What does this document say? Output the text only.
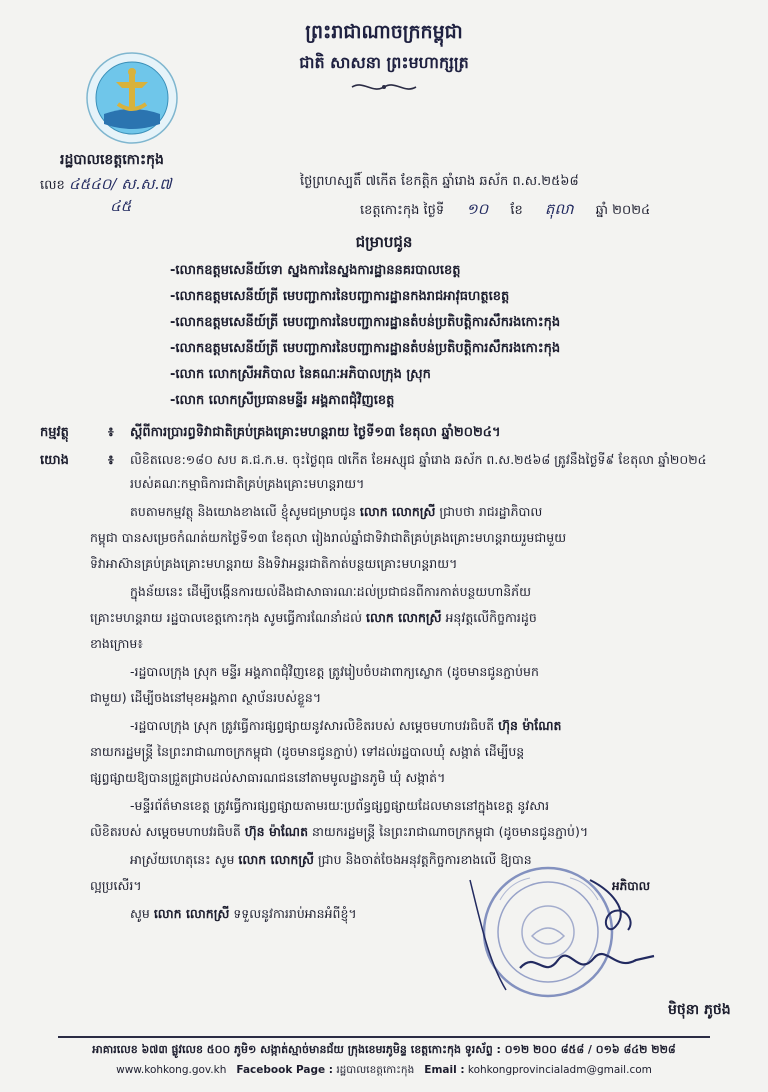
ព្រះរាជាណាចក្រកម្ពុជា

ជាតិ សាសនា ព្រះមហាក្សត្រ

រដ្ឋបាលខេត្តកោះកុង

លេខ ៤៥៤០/ ស.ស.៧
៤៥

ថ្ងៃព្រហស្បតិ៍ ៧កើត ខែកត្តិក ឆ្នាំរោង ឆស័ក ព.ស.២៥៦៨

ខេត្តកោះកុង ថ្ងៃទី ១០ ខែ តុលា ឆ្នាំ ២០២៤

ជម្រាបជូន

-លោកឧត្តមសេនីយ៍ទោ ស្នងការនៃស្នងការដ្ឋាននគរបាលខេត្ត

-លោកឧត្តមសេនីយ៍ត្រី មេបញ្ជាការនៃបញ្ជាការដ្ឋានកងរាជអាវុធហត្ថខេត្ត

-លោកឧត្តមសេនីយ៍ត្រី មេបញ្ជាការនៃបញ្ជាការដ្ឋានតំបន់ប្រតិបត្តិការសឹករងកោះកុង

-លោកឧត្តមសេនីយ៍ត្រី មេបញ្ជាការនៃបញ្ជាការដ្ឋានតំបន់ប្រតិបត្តិការសឹករងកោះកុង

-លោក លោកស្រីអភិបាល នៃគណៈអភិបាលក្រុង ស្រុក

-លោក លោកស្រីប្រធានមន្ទីរ អង្គភាពជុំវិញខេត្ត

កម្មវត្ថុ	៖ ស្តីពីការប្រារព្ធទិវាជាតិគ្រប់គ្រងគ្រោះមហន្តរាយ ថ្ងៃទី១៣ ខែតុលា ឆ្នាំ២០២៤។

យោង	៖ លិខិតលេខ:១៨០ សប គ.ជ.ក.ម. ចុះថ្ងៃពុធ ៧កើត ខែអស្សុជ ឆ្នាំរោង ឆស័ក ព.ស.២៥៦៨ ត្រូវនឹងថ្ងៃទី៩ ខែតុលា ឆ្នាំ២០២៤ របស់គណៈកម្មាធិការជាតិគ្រប់គ្រងគ្រោះមហន្តរាយ។

តបតាមកម្មវត្ថុ និងយោងខាងលើ ខ្ញុំសូមជម្រាបជូន លោក លោកស្រី ជ្រាបថា រាជរដ្ឋាភិបាល

កម្ពុជា បានសម្រេចកំណត់យកថ្ងៃទី១៣ ខែតុលា រៀងរាល់ឆ្នាំជាទិវាជាតិគ្រប់គ្រងគ្រោះមហន្តរាយរួមជាមួយ

ទិវាអាស៊ានគ្រប់គ្រងគ្រោះមហន្តរាយ និងទិវាអន្តរជាតិកាត់បន្ថយគ្រោះមហន្តរាយ។

ក្នុងន័យនេះ ដើម្បីបង្កើនការយល់ដឹងជាសាធារណៈដល់ប្រជាជនពីការកាត់បន្ថយហានិភ័យ

គ្រោះមហន្តរាយ រដ្ឋបាលខេត្តកោះកុង សូមធ្វើការណែនាំដល់ លោក លោកស្រី អនុវត្តលើកិច្ចការដូច

ខាងក្រោម៖

-រដ្ឋបាលក្រុង ស្រុក មន្ទីរ អង្គភាពជុំវិញខេត្ត ត្រូវរៀបចំបដាពាក្យស្លោក (ដូចមានជូនភ្ជាប់មក

ជាមួយ) ដើម្បីចងនៅមុខអង្គភាព ស្ថាប័នរបស់ខ្លួន។

-រដ្ឋបាលក្រុង ស្រុក ត្រូវធ្វើការផ្សព្វផ្សាយនូវសារលិខិតរបស់ សម្តេចមហាបវរធិបតី ហ៊ុន ម៉ាណែត

នាយករដ្ឋមន្ត្រី នៃព្រះរាជាណាចក្រកម្ពុជា (ដូចមានជូនភ្ជាប់) ទៅដល់រដ្ឋបាលឃុំ សង្កាត់ ដើម្បីបន្ត

ផ្សព្វផ្សាយឱ្យបានជ្រួតជ្រាបដល់សាធារណជននៅតាមមូលដ្ឋានភូមិ ឃុំ សង្កាត់។

-មន្ទីរព័ត៌មានខេត្ត ត្រូវធ្វើការផ្សព្វផ្សាយតាមរយៈប្រព័ន្ធផ្សព្វផ្សាយដែលមាននៅក្នុងខេត្ត នូវសារ

លិខិតរបស់ សម្តេចមហាបវរធិបតី ហ៊ុន ម៉ាណែត នាយករដ្ឋមន្ត្រី នៃព្រះរាជាណាចក្រកម្ពុជា (ដូចមានជូនភ្ជាប់)។

អាស្រ័យហេតុនេះ សូម លោក លោកស្រី ជ្រាប និងចាត់ចែងអនុវត្តកិច្ចការខាងលើ ឱ្យបាន

ល្អប្រសើរ។

សូម លោក លោកស្រី ទទួលនូវការរាប់អានអំពីខ្ញុំ។

អភិបាល

មិថុនា ភូថង

អាគារលេខ ៦៧៣ ផ្លូវលេខ ៥០០ ភូមិ១ សង្កាត់ស្មាច់មានជ័យ ក្រុងខេមរភូមិន្ទ ខេត្តកោះកុង ទូរស័ព្ទ : ០១២ ២០០ ៨៥៨ / ០១៦ ៨៤២ ២២៨

www.kohkong.gov.kh Facebook Page : រដ្ឋបាលខេត្តកោះកុង Email : kohkongprovincialadm@gmail.com
